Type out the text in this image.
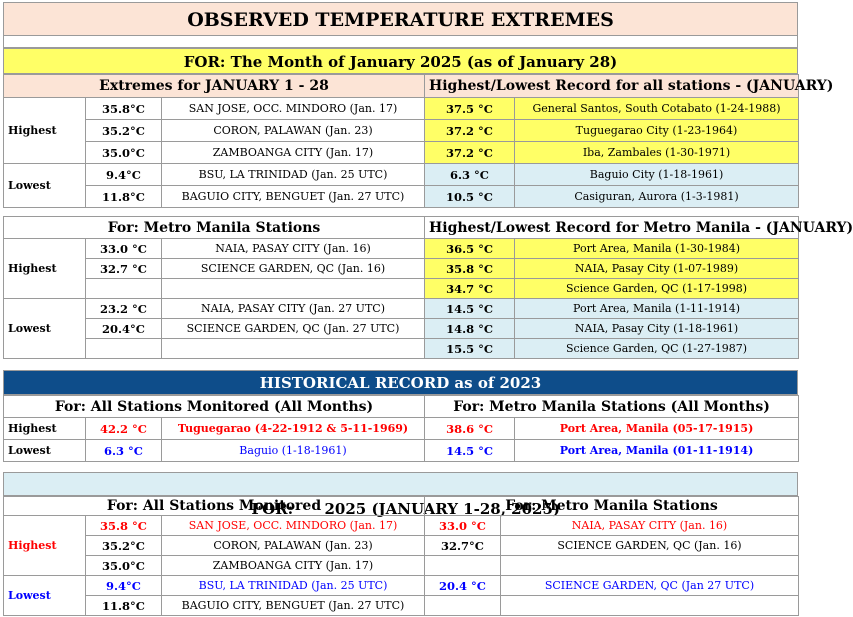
OBSERVED TEMPERATURE EXTREMES
FOR: The Month of January 2025 (as of January 28)
Extremes for JANUARY 1 - 28			Highest/Lowest Record for all stations - (JANUARY)	
Highest	35.8°C	SAN JOSE, OCC. MINDORO (Jan. 17)	37.5 °C	General Santos, South Cotabato (1-24-1988)
	35.2°C	CORON, PALAWAN (Jan. 23)	37.2 °C	Tuguegarao City (1-23-1964)
	35.0°C	ZAMBOANGA CITY (Jan. 17)	37.2 °C	Iba, Zambales (1-30-1971)
Lowest	9.4°C	BSU, LA TRINIDAD (Jan. 25 UTC)	6.3 °C	Baguio City (1-18-1961)
	11.8°C	BAGUIO CITY, BENGUET (Jan. 27 UTC)	10.5 °C	Casiguran, Aurora (1-3-1981)
For: Metro Manila Stations			Highest/Lowest Record for Metro Manila - (JANUARY)	
Highest	33.0 °C	NAIA, PASAY CITY (Jan. 16)	36.5 °C	Port Area, Manila (1-30-1984)
	32.7 °C	SCIENCE GARDEN, QC (Jan. 16)	35.8 °C	NAIA, Pasay City (1-07-1989)
			34.7 °C	Science Garden, QC (1-17-1998)
Lowest	23.2 °C	NAIA, PASAY CITY (Jan. 27 UTC)	14.5 °C	Port Area, Manila (1-11-1914)
	20.4°C	SCIENCE GARDEN, QC (Jan. 27 UTC)	14.8 °C	NAIA, Pasay City (1-18-1961)
			15.5 °C	Science Garden, QC (1-27-1987)
HISTORICAL RECORD as of 2023
For: All Stations Monitored (All Months)			For: Metro Manila Stations (All Months)	
Highest	42.2 °C	Tuguegarao (4-22-1912 & 5-11-1969)	38.6 °C	Port Area, Manila (05-17-1915)
Lowest	6.3 °C	Baguio (1-18-1961)	14.5 °C	Port Area, Manila (01-11-1914)

FOR:      2025 (JANUARY 1-28, 2025)

For: All Stations Monitored			For: Metro Manila Stations	
Highest	35.8 °C	SAN JOSE, OCC. MINDORO (Jan. 17)	33.0 °C	NAIA, PASAY CITY (Jan. 16)
	35.2°C	CORON, PALAWAN (Jan. 23)	32.7°C	SCIENCE GARDEN, QC (Jan. 16)
	35.0°C	ZAMBOANGA CITY (Jan. 17)		
Lowest	9.4°C	BSU, LA TRINIDAD (Jan. 25 UTC)	20.4 °C	SCIENCE GARDEN, QC (Jan 27 UTC)
	11.8°C	BAGUIO CITY, BENGUET (Jan. 27 UTC)		
